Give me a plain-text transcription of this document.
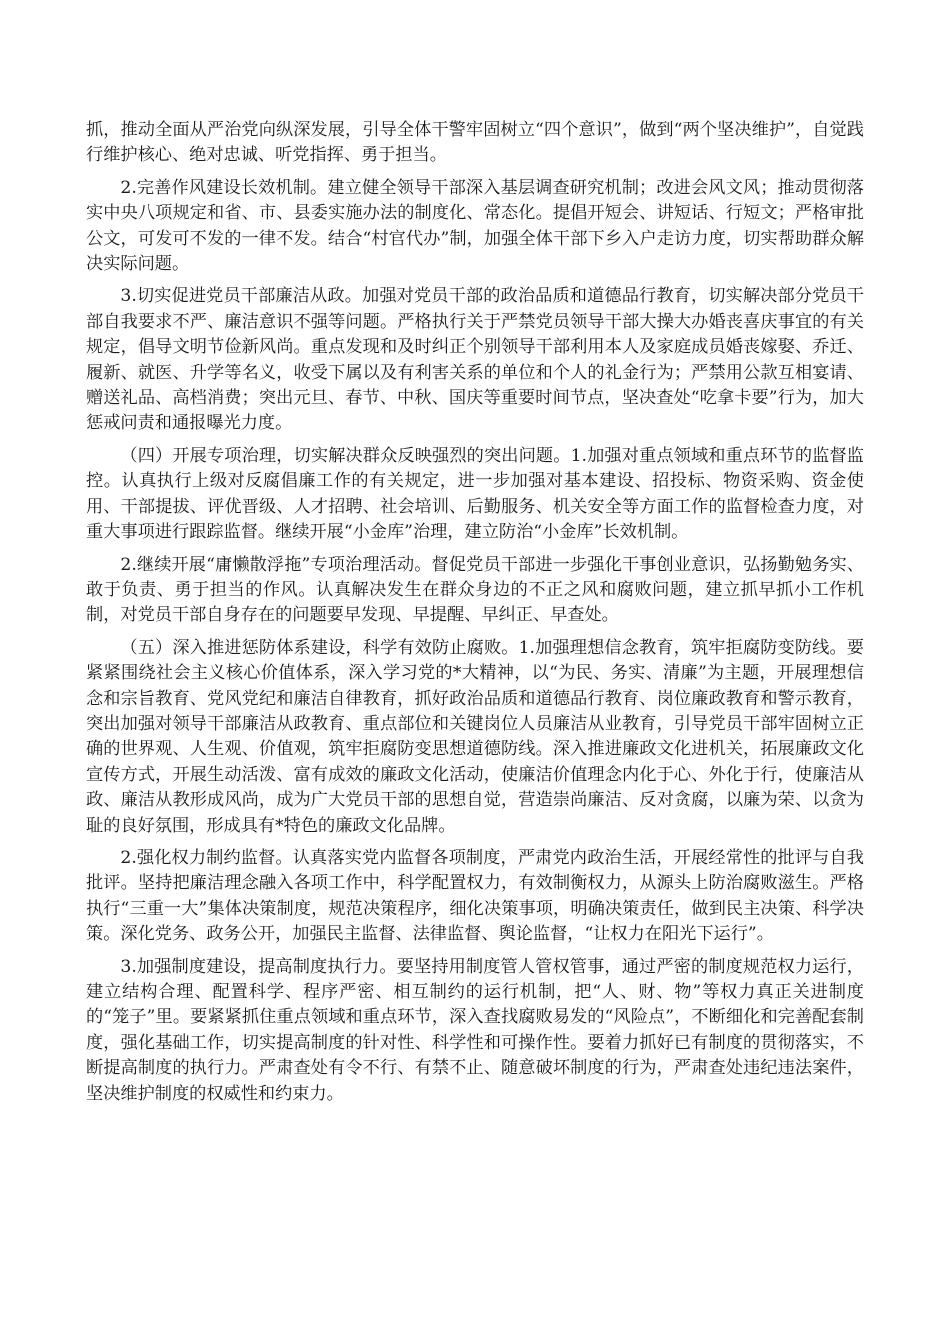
抓，推动全面从严治党向纵深发展，引导全体干警牢固树立“四个意识”，做到“两个坚决维护”，自觉践行维护核心、绝对忠诚、听党指挥、勇于担当。

2.完善作风建设长效机制。建立健全领导干部深入基层调查研究机制；改进会风文风；推动贯彻落实中央八项规定和省、市、县委实施办法的制度化、常态化。提倡开短会、讲短话、行短文；严格审批公文，可发可不发的一律不发。结合“村官代办”制，加强全体干部下乡入户走访力度，切实帮助群众解决实际问题。

3.切实促进党员干部廉洁从政。加强对党员干部的政治品质和道德品行教育，切实解决部分党员干部自我要求不严、廉洁意识不强等问题。严格执行关于严禁党员领导干部大操大办婚丧喜庆事宜的有关规定，倡导文明节俭新风尚。重点发现和及时纠正个别领导干部利用本人及家庭成员婚丧嫁娶、乔迁、履新、就医、升学等名义，收受下属以及有利害关系的单位和个人的礼金行为；严禁用公款互相宴请、赠送礼品、高档消费；突出元旦、春节、中秋、国庆等重要时间节点，坚决查处“吃拿卡要”行为，加大惩戒问责和通报曝光力度。

（四）开展专项治理，切实解决群众反映强烈的突出问题。1.加强对重点领域和重点环节的监督监控。认真执行上级对反腐倡廉工作的有关规定，进一步加强对基本建设、招投标、物资采购、资金使用、干部提拔、评优晋级、人才招聘、社会培训、后勤服务、机关安全等方面工作的监督检查力度，对重大事项进行跟踪监督。继续开展“小金库”治理，建立防治“小金库”长效机制。

2.继续开展“庸懒散浮拖”专项治理活动。督促党员干部进一步强化干事创业意识，弘扬勤勉务实、敢于负责、勇于担当的作风。认真解决发生在群众身边的不正之风和腐败问题，建立抓早抓小工作机制，对党员干部自身存在的问题要早发现、早提醒、早纠正、早查处。

（五）深入推进惩防体系建设，科学有效防止腐败。1.加强理想信念教育，筑牢拒腐防变防线。要紧紧围绕社会主义核心价值体系，深入学习党的*大精神，以“为民、务实、清廉”为主题，开展理想信念和宗旨教育、党风党纪和廉洁自律教育，抓好政治品质和道德品行教育、岗位廉政教育和警示教育，突出加强对领导干部廉洁从政教育、重点部位和关键岗位人员廉洁从业教育，引导党员干部牢固树立正确的世界观、人生观、价值观，筑牢拒腐防变思想道德防线。深入推进廉政文化进机关，拓展廉政文化宣传方式，开展生动活泼、富有成效的廉政文化活动，使廉洁价值理念内化于心、外化于行，使廉洁从政、廉洁从教形成风尚，成为广大党员干部的思想自觉，营造崇尚廉洁、反对贪腐，以廉为荣、以贪为耻的良好氛围，形成具有*特色的廉政文化品牌。

2.强化权力制约监督。认真落实党内监督各项制度，严肃党内政治生活，开展经常性的批评与自我批评。坚持把廉洁理念融入各项工作中，科学配置权力，有效制衡权力，从源头上防治腐败滋生。严格执行“三重一大”集体决策制度，规范决策程序，细化决策事项，明确决策责任，做到民主决策、科学决策。深化党务、政务公开，加强民主监督、法律监督、舆论监督，“让权力在阳光下运行”。

3.加强制度建设，提高制度执行力。要坚持用制度管人管权管事，通过严密的制度规范权力运行，建立结构合理、配置科学、程序严密、相互制约的运行机制，把“人、财、物”等权力真正关进制度的“笼子”里。要紧紧抓住重点领域和重点环节，深入查找腐败易发的“风险点”，不断细化和完善配套制度，强化基础工作，切实提高制度的针对性、科学性和可操作性。要着力抓好已有制度的贯彻落实，不断提高制度的执行力。严肃查处有令不行、有禁不止、随意破坏制度的行为，严肃查处违纪违法案件，坚决维护制度的权威性和约束力。
